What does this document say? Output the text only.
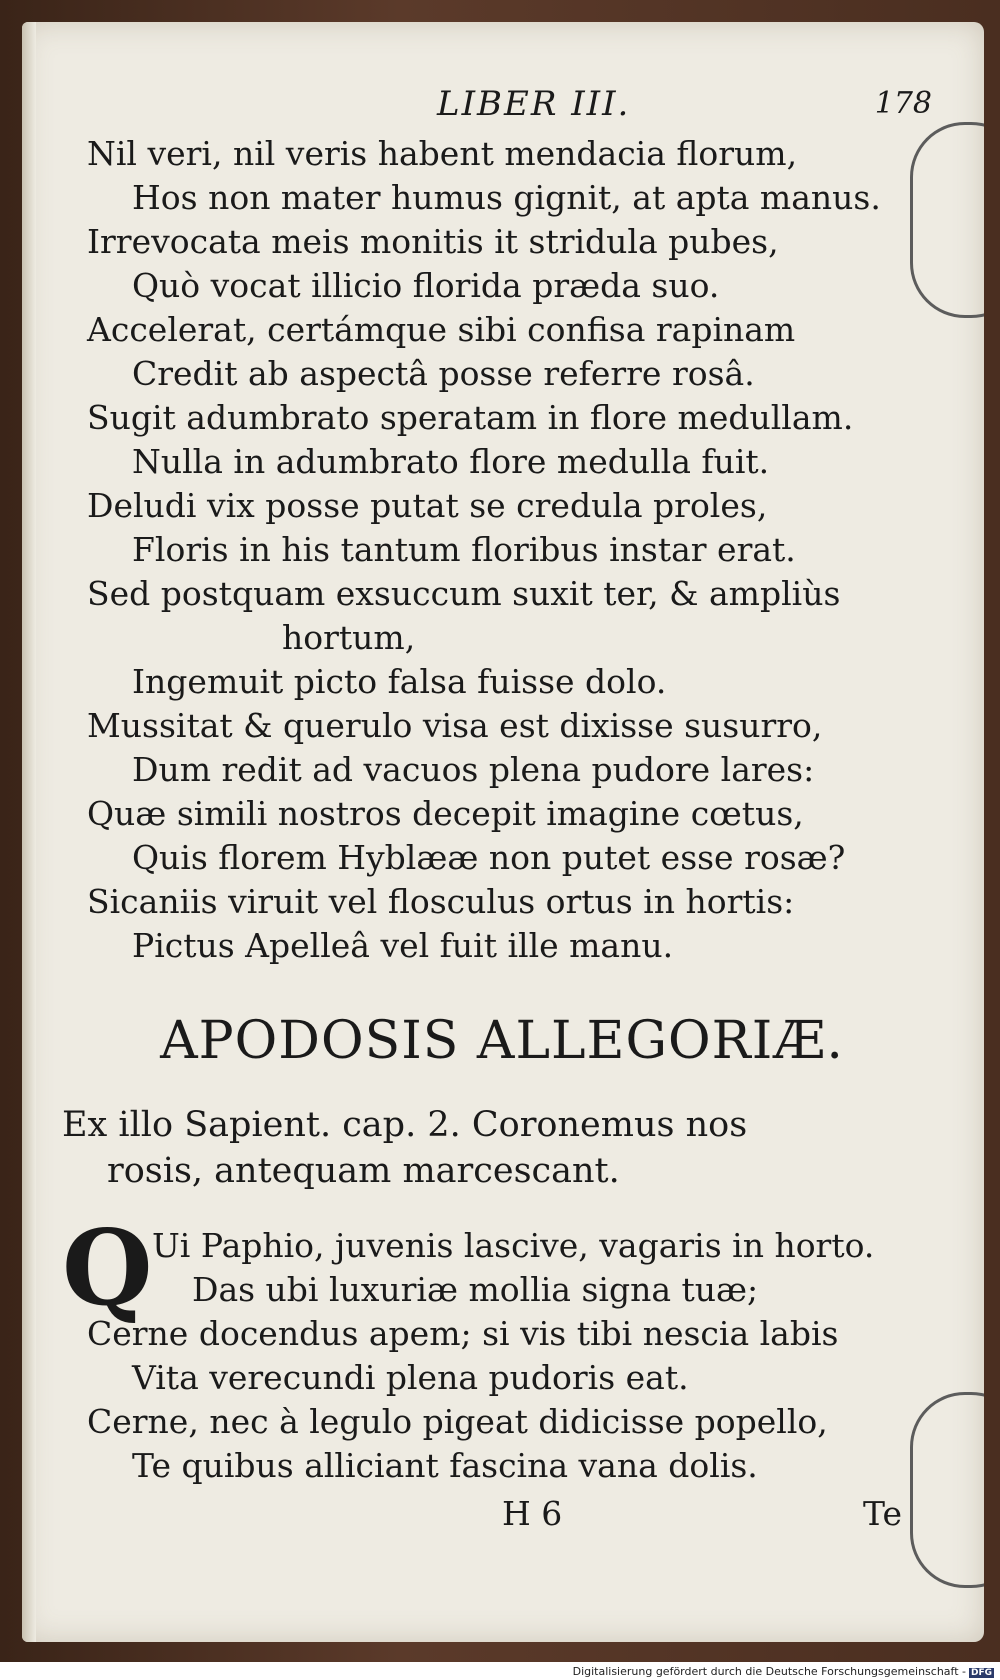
LIBER III.	178
Nil veri, nil veris habent mendacia florum,
Hos non mater humus gignit, at apta manus.
Irrevocata meis monitis it stridula pubes,
Quò vocat illicio florida præda suo.
Accelerat, certámque sibi confisa rapinam
Credit ab aspectâ posse referre rosâ.
Sugit adumbrato speratam in flore medullam.
Nulla in adumbrato flore medulla fuit.
Deludi vix posse putat se credula proles,
Floris in his tantum floribus instar erat.
Sed postquam exsuccum suxit ter, & ampliùs
hortum,
Ingemuit picto falsa fuisse dolo.
Mussitat & querulo visa est dixisse susurro,
Dum redit ad vacuos plena pudore lares:
Quæ simili nostros decepit imagine cœtus,
Quis florem Hyblææ non putet esse rosæ?
Sicaniis viruit vel flosculus ortus in hortis:
Pictus Apelleâ vel fuit ille manu.
APODOSIS ALLEGORIÆ.
Ex illo Sapient. cap. 2. Coronemus nos
rosis, antequam marcescant.
Q Ui Paphio, juvenis lascive, vagaris in horto.
Das ubi luxuriæ mollia signa tuæ;
Cerne docendus apem; si vis tibi nescia labis
Vita verecundi plena pudoris eat.
Cerne, nec à legulo pigeat didicisse popello,
Te quibus alliciant fascina vana dolis.
H 6	Te
Digitalisierung gefördert durch die Deutsche Forschungsgemeinschaft - DFG
